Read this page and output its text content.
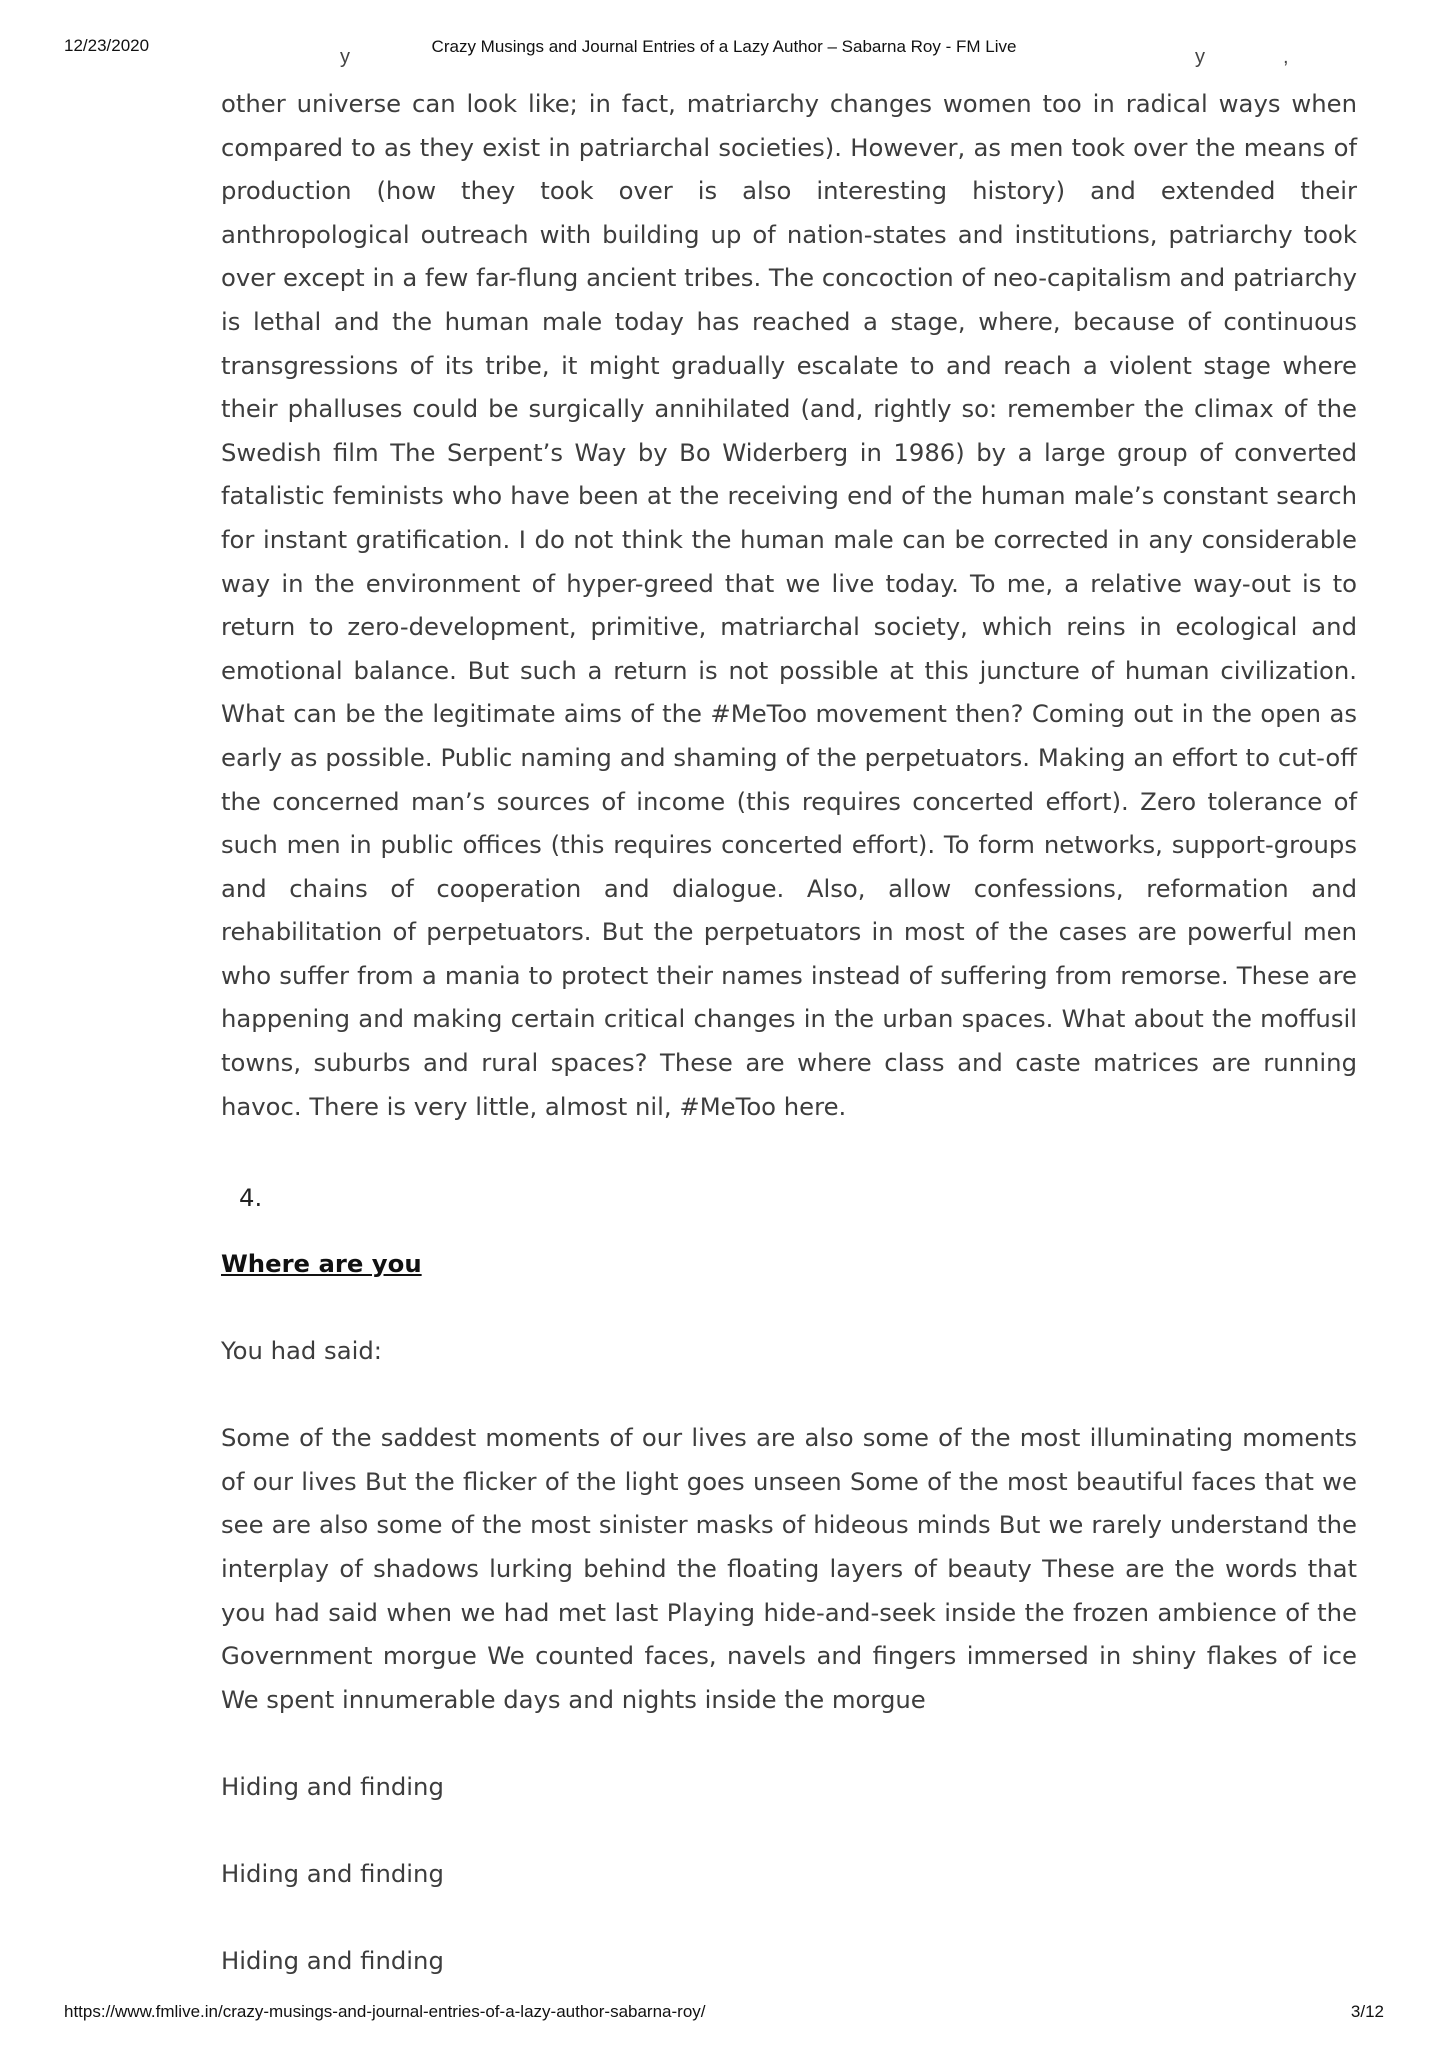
12/23/2020	Crazy Musings and Journal Entries of a Lazy Author – Sabarna Roy - FM Live
y	y	,

other universe can look like; in fact, matriarchy changes women too in radical ways when compared to as they exist in patriarchal societies). However, as men took over the means of production (how they took over is also interesting history) and extended their anthropological outreach with building up of nation-states and institutions, patriarchy took over except in a few far-flung ancient tribes. The concoction of neo-capitalism and patriarchy is lethal and the human male today has reached a stage, where, because of continuous transgressions of its tribe, it might gradually escalate to and reach a violent stage where their phalluses could be surgically annihilated (and, rightly so: remember the climax of the Swedish film The Serpent’s Way by Bo Widerberg in 1986) by a large group of converted fatalistic feminists who have been at the receiving end of the human male’s constant search for instant gratification. I do not think the human male can be corrected in any considerable way in the environment of hyper-greed that we live today. To me, a relative way-out is to return to zero-development, primitive, matriarchal society, which reins in ecological and emotional balance. But such a return is not possible at this juncture of human civilization. What can be the legitimate aims of the #MeToo movement then? Coming out in the open as early as possible. Public naming and shaming of the perpetuators. Making an effort to cut-off the concerned man’s sources of income (this requires concerted effort). Zero tolerance of such men in public offices (this requires concerted effort). To form networks, support-groups and chains of cooperation and dialogue. Also, allow confessions, reformation and rehabilitation of perpetuators. But the perpetuators in most of the cases are powerful men who suffer from a mania to protect their names instead of suffering from remorse. These are happening and making certain critical changes in the urban spaces. What about the moffusil towns, suburbs and rural spaces? These are where class and caste matrices are running havoc. There is very little, almost nil, #MeToo here.

4.
Where are you

You had said:

Some of the saddest moments of our lives are also some of the most illuminating moments of our lives But the flicker of the light goes unseen Some of the most beautiful faces that we see are also some of the most sinister masks of hideous minds But we rarely understand the interplay of shadows lurking behind the floating layers of beauty These are the words that you had said when we had met last Playing hide-and-seek inside the frozen ambience of the Government morgue We counted faces, navels and fingers immersed in shiny flakes of ice We spent innumerable days and nights inside the morgue

Hiding and finding

Hiding and finding

Hiding and finding

https://www.fmlive.in/crazy-musings-and-journal-entries-of-a-lazy-author-sabarna-roy/	3/12
